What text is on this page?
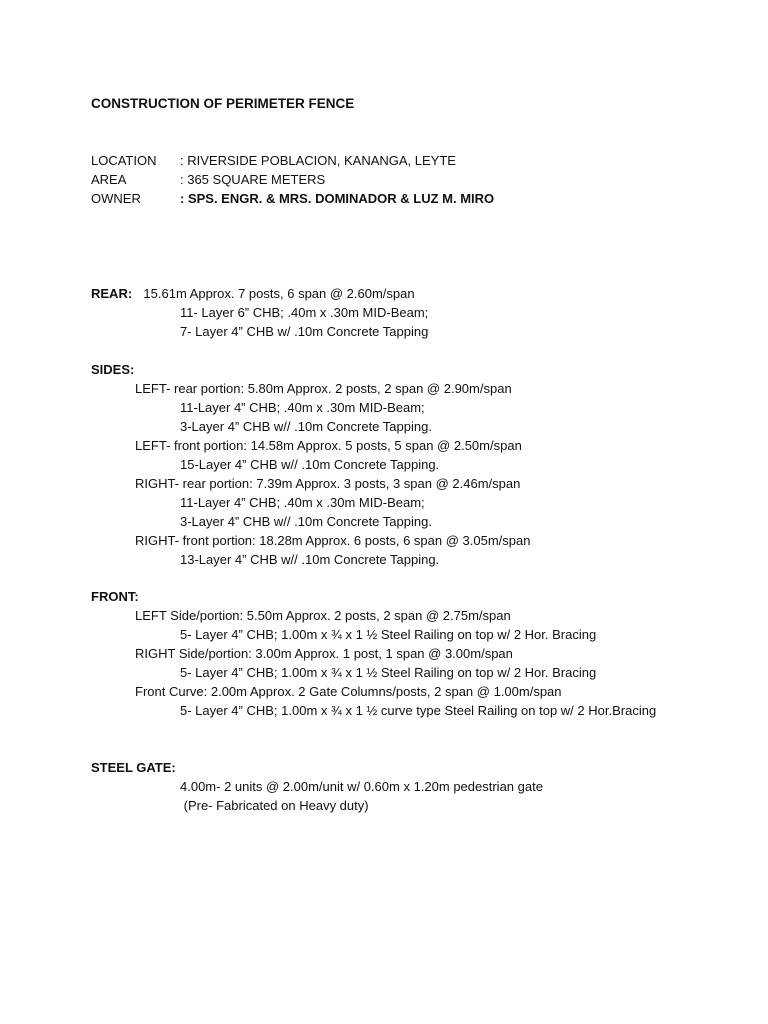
CONSTRUCTION OF PERIMETER FENCE
LOCATION	: RIVERSIDE POBLACION, KANANGA, LEYTE
AREA	: 365 SQUARE METERS
OWNER	: SPS. ENGR. & MRS. DOMINADOR & LUZ M. MIRO
REAR: 15.61m Approx. 7 posts, 6 span @ 2.60m/span
11- Layer 6” CHB; .40m x .30m MID-Beam;
7- Layer 4” CHB w/ .10m Concrete Tapping
SIDES:
LEFT- rear portion: 5.80m Approx. 2 posts, 2 span @ 2.90m/span
11-Layer 4” CHB; .40m x .30m MID-Beam;
3-Layer 4” CHB w// .10m Concrete Tapping.
LEFT- front portion: 14.58m Approx. 5 posts, 5 span @ 2.50m/span
15-Layer 4” CHB w// .10m Concrete Tapping.
RIGHT- rear portion: 7.39m Approx. 3 posts, 3 span @ 2.46m/span
11-Layer 4” CHB; .40m x .30m MID-Beam;
3-Layer 4” CHB w// .10m Concrete Tapping.
RIGHT- front portion: 18.28m Approx. 6 posts, 6 span @ 3.05m/span
13-Layer 4” CHB w// .10m Concrete Tapping.
FRONT:
LEFT Side/portion: 5.50m Approx. 2 posts, 2 span @ 2.75m/span
5- Layer 4” CHB; 1.00m x ¾ x 1 ½ Steel Railing on top w/ 2 Hor. Bracing
RIGHT Side/portion: 3.00m Approx. 1 post, 1 span @ 3.00m/span
5- Layer 4” CHB; 1.00m x ¾ x 1 ½ Steel Railing on top w/ 2 Hor. Bracing
Front Curve: 2.00m Approx. 2 Gate Columns/posts, 2 span @ 1.00m/span
5- Layer 4” CHB; 1.00m x ¾ x 1 ½ curve type Steel Railing on top w/ 2 Hor.Bracing
STEEL GATE:
4.00m- 2 units @ 2.00m/unit w/ 0.60m x 1.20m pedestrian gate
(Pre- Fabricated on Heavy duty)
